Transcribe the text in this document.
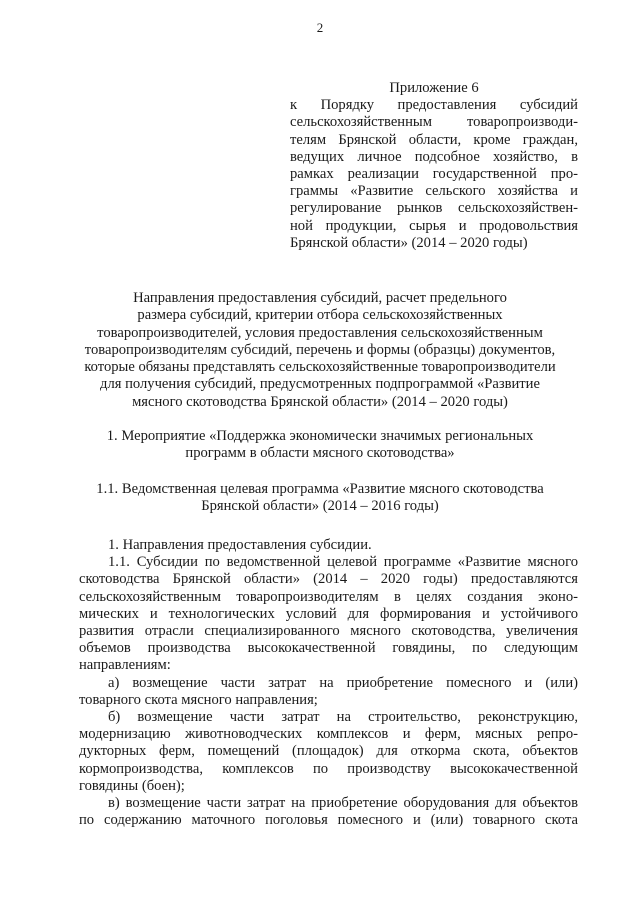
2
Приложение 6
к Порядку предоставления субсидий
сельскохозяйственным товаропроизводи-
телям Брянской области, кроме граждан,
ведущих личное подсобное хозяйство, в
рамках реализации государственной про-
граммы «Развитие сельского хозяйства и
регулирование рынков сельскохозяйствен-
ной продукции, сырья и продовольствия
Брянской области» (2014 – 2020 годы)
Направления предоставления субсидий, расчет предельного
размера субсидий, критерии отбора сельскохозяйственных
товаропроизводителей, условия предоставления сельскохозяйственным
товаропроизводителям субсидий, перечень и формы (образцы) документов,
которые обязаны представлять сельскохозяйственные товаропроизводители
для получения субсидий, предусмотренных подпрограммой «Развитие
мясного скотоводства Брянской области» (2014 – 2020 годы)
1. Мероприятие «Поддержка экономически значимых региональных
программ в области мясного скотоводства»
1.1. Ведомственная целевая программа «Развитие мясного скотоводства
Брянской области» (2014 – 2016 годы)
1. Направления предоставления субсидии.
1.1. Субсидии по ведомственной целевой программе «Развитие мясного
скотоводства Брянской области» (2014 – 2020 годы) предоставляются
сельскохозяйственным товаропроизводителям в целях создания эконо-
мических и технологических условий для формирования и устойчивого
развития отрасли специализированного мясного скотоводства, увеличения
объемов производства высококачественной говядины, по следующим
направлениям:
а) возмещение части затрат на приобретение помесного и (или)
товарного скота мясного направления;
б) возмещение части затрат на строительство, реконструкцию,
модернизацию животноводческих комплексов и ферм, мясных репро-
дукторных ферм, помещений (площадок) для откорма скота, объектов
кормопроизводства, комплексов по производству высококачественной
говядины (боен);
в) возмещение части затрат на приобретение оборудования для объектов
по содержанию маточного поголовья помесного и (или) товарного скота
